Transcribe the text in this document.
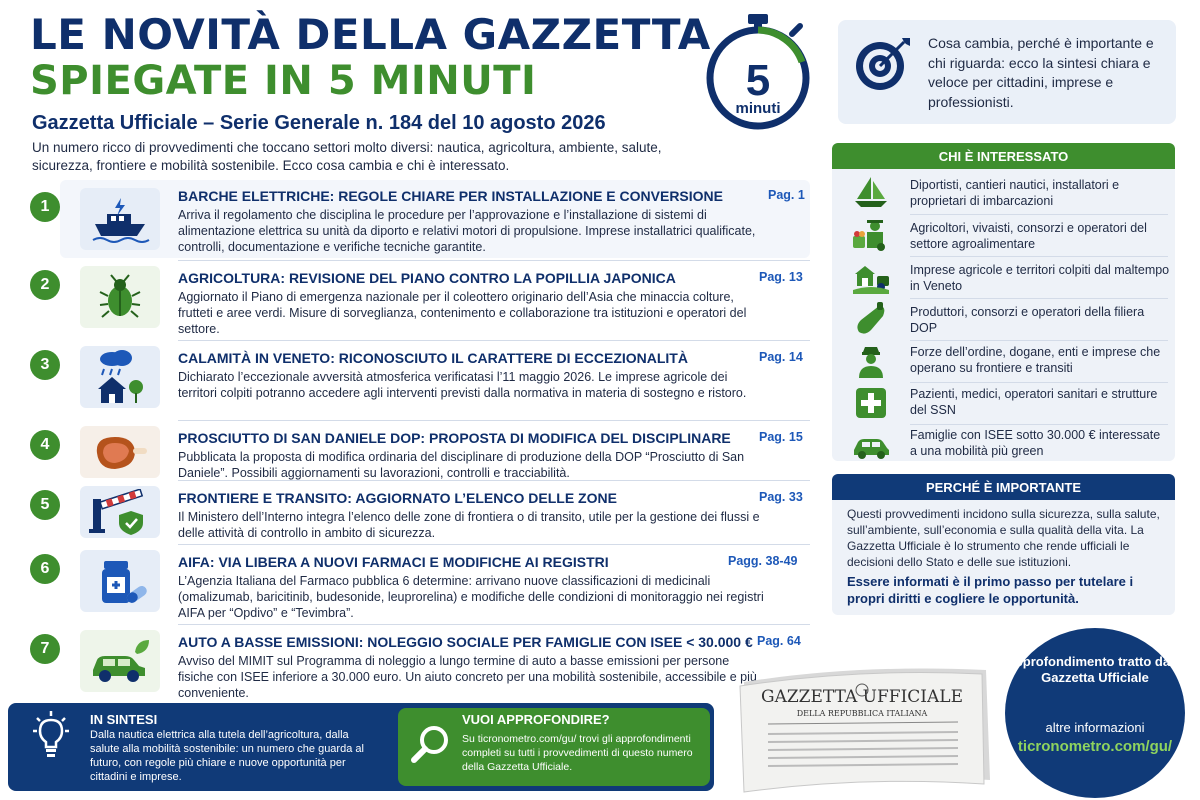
LE NOVITÀ DELLA GAZZETTA
SPIEGATE IN 5 MINUTI
Gazzetta Ufficiale – Serie Generale n. 184 del 10 agosto 2026
Un numero ricco di provvedimenti che toccano settori molto diversi: nautica, agricoltura, ambiente, salute, sicurezza, frontiere e mobilità sostenibile. Ecco cosa cambia e chi è interessato.
5
minuti
1
BARCHE ELETTRICHE: REGOLE CHIARE PER INSTALLAZIONE E CONVERSIONE	Pag. 1
Arriva il regolamento che disciplina le procedure per l’approvazione e l’installazione di sistemi di alimentazione elettrica su unità da diporto e relativi motori di propulsione. Imprese installatrici qualificate, controlli, documentazione e verifiche tecniche garantite.
2	AGRICOLTURA: REVISIONE DEL PIANO CONTRO LA POPILLIA JAPONICA	Pag. 13
Aggiornato il Piano di emergenza nazionale per il coleottero originario dell’Asia che minaccia colture, frutteti e aree verdi. Misure di sorveglianza, contenimento e collaborazione tra istituzioni e operatori del settore.
3	CALAMITÀ IN VENETO: RICONOSCIUTO IL CARATTERE DI ECCEZIONALITÀ	Pag. 14
Dichiarato l’eccezionale avversità atmosferica verificatasi l’11 maggio 2026. Le imprese agricole dei territori colpiti potranno accedere agli interventi previsti dalla normativa in materia di sostegno e ristoro.
4	PROSCIUTTO DI SAN DANIELE DOP: PROPOSTA DI MODIFICA DEL DISCIPLINARE Pag. 15
Pubblicata la proposta di modifica ordinaria del disciplinare di produzione della DOP “Prosciutto di San Daniele”. Possibili aggiornamenti su lavorazioni, controlli e tracciabilità.
5	FRONTIERE E TRANSITO: AGGIORNATO L’ELENCO DELLE ZONE	Pag. 33
Il Ministero dell’Interno integra l’elenco delle zone di frontiera o di transito, utile per la gestione dei flussi e delle attività di controllo in ambito di sicurezza.
6	AIFA: VIA LIBERA A NUOVI FARMACI E MODIFICHE AI REGISTRI	Pagg. 38-49
L’Agenzia Italiana del Farmaco pubblica 6 determine: arrivano nuove classificazioni di medicinali (omalizumab, baricitinib, budesonide, leuprorelina) e modifiche delle condizioni di monitoraggio nei registri AIFA per “Opdivo” e “Tevimbra”.
7	AUTO A BASSE EMISSIONI: NOLEGGIO SOCIALE PER FAMIGLIE CON ISEE < 30.000 € Pag. 64
Avviso del MIMIT sul Programma di noleggio a lungo termine di auto a basse emissioni per persone fisiche con ISEE inferiore a 30.000 euro. Un aiuto concreto per una mobilità sostenibile, accessibile e più conveniente.
IN SINTESI
Dalla nautica elettrica alla tutela dell’agricoltura, dalla salute alla mobilità sostenibile: un numero che guarda al futuro, con regole più chiare e nuove opportunità per cittadini e imprese.
VUOI APPROFONDIRE?
Su ticronometro.com/gu/ trovi gli approfondimenti completi su tutti i provvedimenti di questo numero della Gazzetta Ufficiale.
Cosa cambia, perché è importante e chi riguarda: ecco la sintesi chiara e veloce per cittadini, imprese e professionisti.
CHI È INTERESSATO
Diportisti, cantieri nautici, installatori e proprietari di imbarcazioni
Agricoltori, vivaisti, consorzi e operatori del settore agroalimentare
Imprese agricole e territori colpiti dal maltempo in Veneto
Produttori, consorzi e operatori della filiera DOP
Forze dell’ordine, dogane, enti e imprese che operano su frontiere e transiti
Pazienti, medici, operatori sanitari e strutture del SSN
Famiglie con ISEE sotto 30.000 € interessate a una mobilità più green
PERCHÉ È IMPORTANTE
Questi provvedimenti incidono sulla sicurezza, sulla salute, sull’ambiente, sull’economia e sulla qualità della vita. La Gazzetta Ufficiale è lo strumento che rende ufficiali le decisioni dello Stato e delle sue istituzioni.
Essere informati è il primo passo per tutelare i propri diritti e cogliere le opportunità.
GAZZETTA UFFICIALE
DELLA REPUBBLICA ITALIANA
Approfondimento tratto dalla Gazzetta Ufficiale
altre informazioni
ticronometro.com/gu/
